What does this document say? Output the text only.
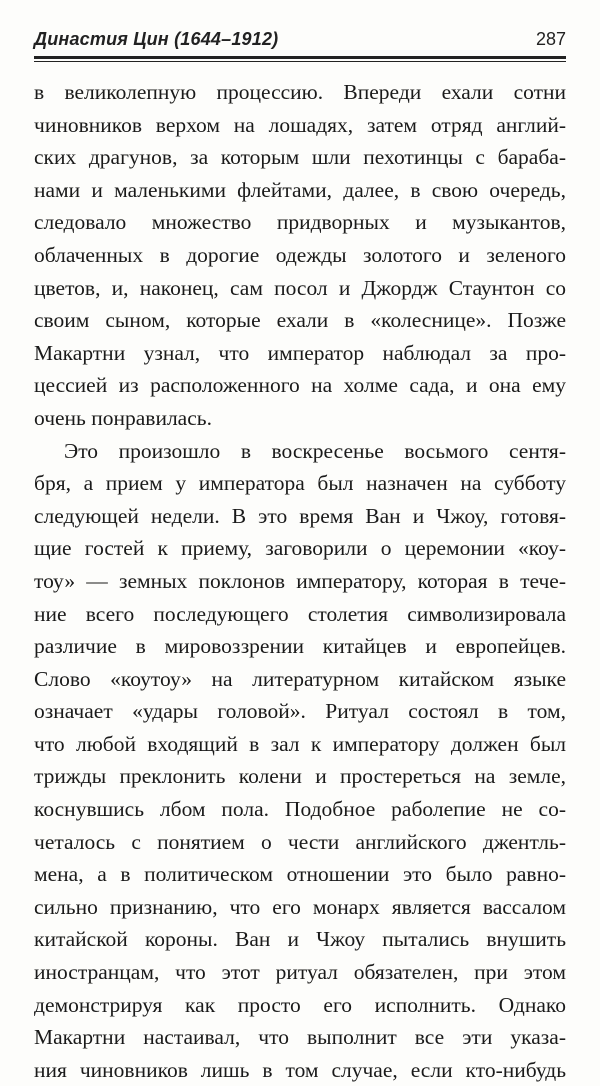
Династия Цин (1644–1912)	287
в великолепную процессию. Впереди ехали сотни
чиновников верхом на лошадях, затем отряд англий-
ских драгунов, за которым шли пехотинцы с бараба-
нами и маленькими флейтами, далее, в свою очередь,
следовало множество придворных и музыкантов,
облаченных в дорогие одежды золотого и зеленого
цветов, и, наконец, сам посол и Джордж Стаунтон со
своим сыном, которые ехали в «колеснице». Позже
Макартни узнал, что император наблюдал за про-
цессией из расположенного на холме сада, и она ему
очень понравилась.
Это произошло в воскресенье восьмого сентя-
бря, а прием у императора был назначен на субботу
следующей недели. В это время Ван и Чжоу, готовя-
щие гостей к приему, заговорили о церемонии «коу-
тоу» — земных поклонов императору, которая в тече-
ние всего последующего столетия символизировала
различие в мировоззрении китайцев и европейцев.
Слово «коутоу» на литературном китайском языке
означает «удары головой». Ритуал состоял в том,
что любой входящий в зал к императору должен был
трижды преклонить колени и простереться на земле,
коснувшись лбом пола. Подобное раболепие не со-
четалось с понятием о чести английского джентль-
мена, а в политическом отношении это было равно-
сильно признанию, что его монарх является вассалом
китайской короны. Ван и Чжоу пытались внушить
иностранцам, что этот ритуал обязателен, при этом
демонстрируя как просто его исполнить. Однако
Макартни настаивал, что выполнит все эти указа-
ния чиновников лишь в том случае, если кто-нибудь
